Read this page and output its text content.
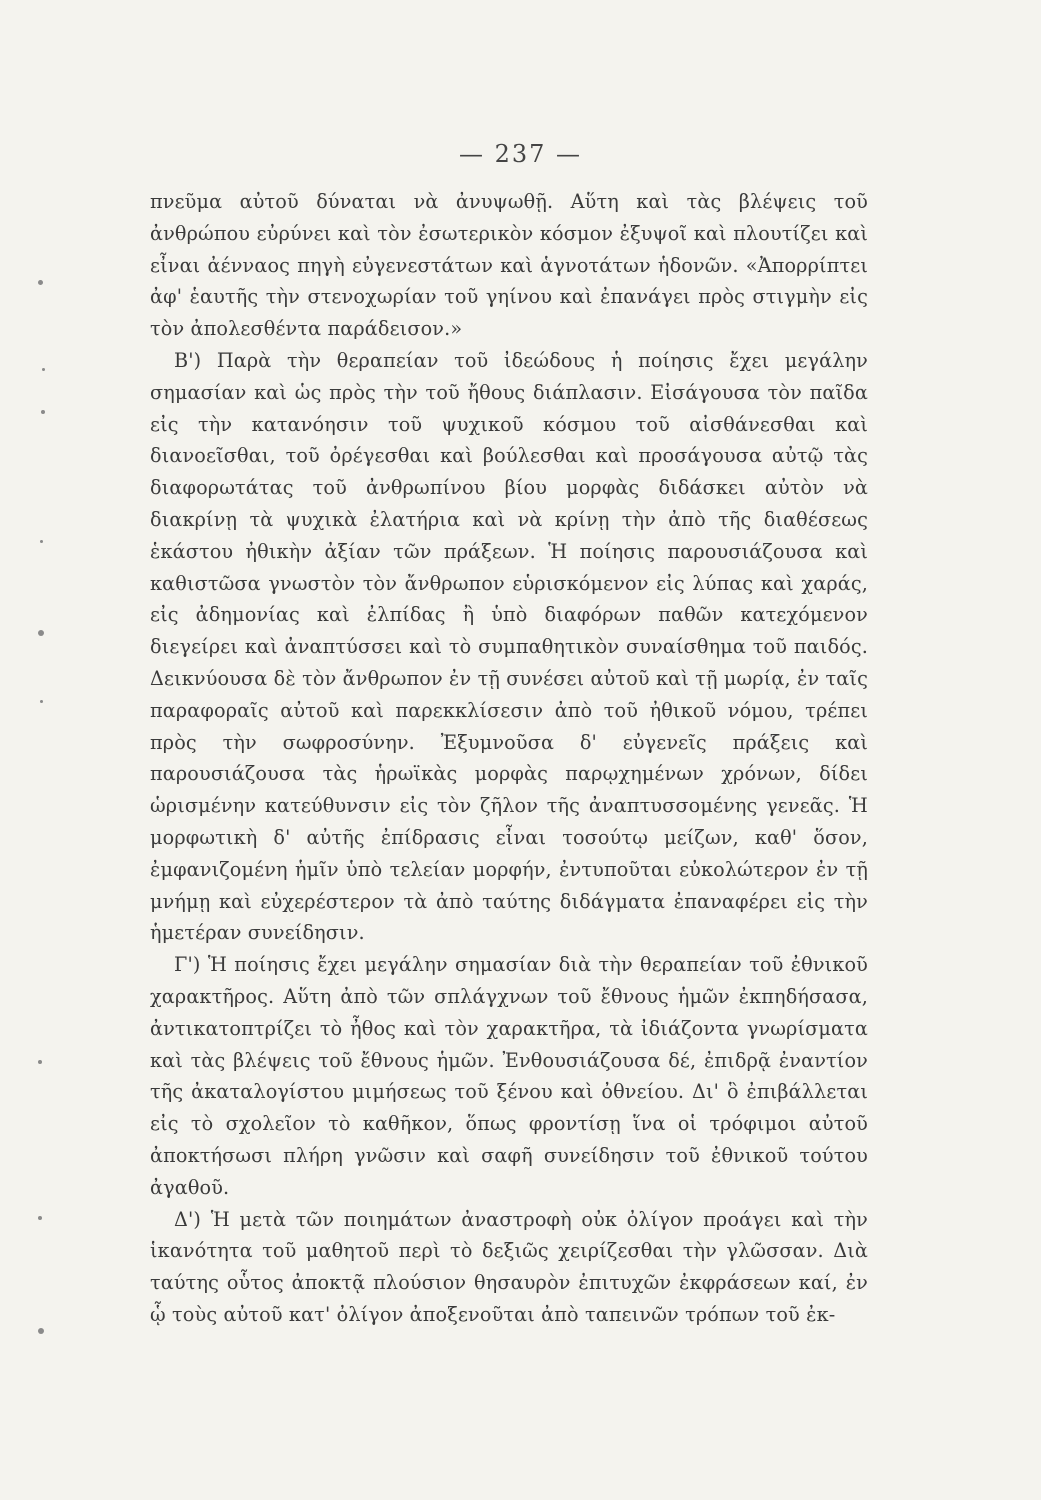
— 237 —

πνεῦμα αὐτοῦ δύναται νὰ ἀνυψωθῇ. Αὕτη καὶ τὰς βλέψεις τοῦ ἀνθρώπου εὐρύνει καὶ τὸν ἐσωτερικὸν κόσμον ἐξυψοῖ καὶ πλουτίζει καὶ εἶναι ἀένναος πηγὴ εὐγενεστάτων καὶ ἁγνοτάτων ἡδονῶν. «Ἀπορρίπτει ἀφ' ἑαυτῆς τὴν στενοχωρίαν τοῦ γηίνου καὶ ἐπανάγει πρὸς στιγμὴν εἰς τὸν ἀπολεσθέντα παράδεισον.»

Β') Παρὰ τὴν θεραπείαν τοῦ ἰδεώδους ἡ ποίησις ἔχει μεγάλην σημασίαν καὶ ὡς πρὸς τὴν τοῦ ἤθους διάπλασιν. Εἰσάγουσα τὸν παῖδα εἰς τὴν κατανόησιν τοῦ ψυχικοῦ κόσμου τοῦ αἰσθάνεσθαι καὶ διανοεῖσθαι, τοῦ ὀρέγεσθαι καὶ βούλεσθαι καὶ προσάγουσα αὐτῷ τὰς διαφορωτάτας τοῦ ἀνθρωπίνου βίου μορφὰς διδάσκει αὐτὸν νὰ διακρίνῃ τὰ ψυχικὰ ἐλατήρια καὶ νὰ κρίνῃ τὴν ἀπὸ τῆς διαθέσεως ἑκάστου ἠθικὴν ἀξίαν τῶν πράξεων. Ἡ ποίησις παρουσιάζουσα καὶ καθιστῶσα γνωστὸν τὸν ἄνθρωπον εὑρισκόμενον εἰς λύπας καὶ χαράς, εἰς ἀδημονίας καὶ ἐλπίδας ἢ ὑπὸ διαφόρων παθῶν κατεχόμενον διεγείρει καὶ ἀναπτύσσει καὶ τὸ συμπαθητικὸν συναίσθημα τοῦ παιδός. Δεικνύουσα δὲ τὸν ἄνθρωπον ἐν τῇ συνέσει αὐτοῦ καὶ τῇ μωρίᾳ, ἐν ταῖς παραφοραῖς αὐτοῦ καὶ παρεκκλίσεσιν ἀπὸ τοῦ ἠθικοῦ νόμου, τρέπει πρὸς τὴν σωφροσύνην. Ἐξυμνοῦσα δ' εὐγενεῖς πράξεις καὶ παρουσιάζουσα τὰς ἡρωϊκὰς μορφὰς παρῳχημένων χρόνων, δίδει ὡρισμένην κατεύθυνσιν εἰς τὸν ζῆλον τῆς ἀναπτυσσομένης γενεᾶς. Ἡ μορφωτικὴ δ' αὐτῆς ἐπίδρασις εἶναι τοσούτῳ μείζων, καθ' ὅσον, ἐμφανιζομένη ἡμῖν ὑπὸ τελείαν μορφήν, ἐντυποῦται εὐκολώτερον ἐν τῇ μνήμῃ καὶ εὐχερέστερον τὰ ἀπὸ ταύτης διδάγματα ἐπαναφέρει εἰς τὴν ἡμετέραν συνείδησιν.

Γ') Ἡ ποίησις ἔχει μεγάλην σημασίαν διὰ τὴν θεραπείαν τοῦ ἐθνικοῦ χαρακτῆρος. Αὕτη ἀπὸ τῶν σπλάγχνων τοῦ ἔθνους ἡμῶν ἐκπηδήσασα, ἀντικατοπτρίζει τὸ ἦθος καὶ τὸν χαρακτῆρα, τὰ ἰδιάζοντα γνωρίσματα καὶ τὰς βλέψεις τοῦ ἔθνους ἡμῶν. Ἐνθουσιάζουσα δέ, ἐπιδρᾷ ἐναντίον τῆς ἀκαταλογίστου μιμήσεως τοῦ ξένου καὶ ὀθνείου. Δι' ὃ ἐπιβάλλεται εἰς τὸ σχολεῖον τὸ καθῆκον, ὅπως φροντίσῃ ἵνα οἱ τρόφιμοι αὐτοῦ ἀποκτήσωσι πλήρη γνῶσιν καὶ σαφῆ συνείδησιν τοῦ ἐθνικοῦ τούτου ἀγαθοῦ.

Δ') Ἡ μετὰ τῶν ποιημάτων ἀναστροφὴ οὐκ ὀλίγον προάγει καὶ τὴν ἱκανότητα τοῦ μαθητοῦ περὶ τὸ δεξιῶς χειρίζεσθαι τὴν γλῶσσαν. Διὰ ταύτης οὗτος ἀποκτᾷ πλούσιον θησαυρὸν ἐπιτυχῶν ἐκφράσεων καί, ἐν ᾧ τοὺς αὐτοῦ κατ' ὀλίγον ἀποξενοῦται ἀπὸ ταπεινῶν τρόπων τοῦ ἐκ-
